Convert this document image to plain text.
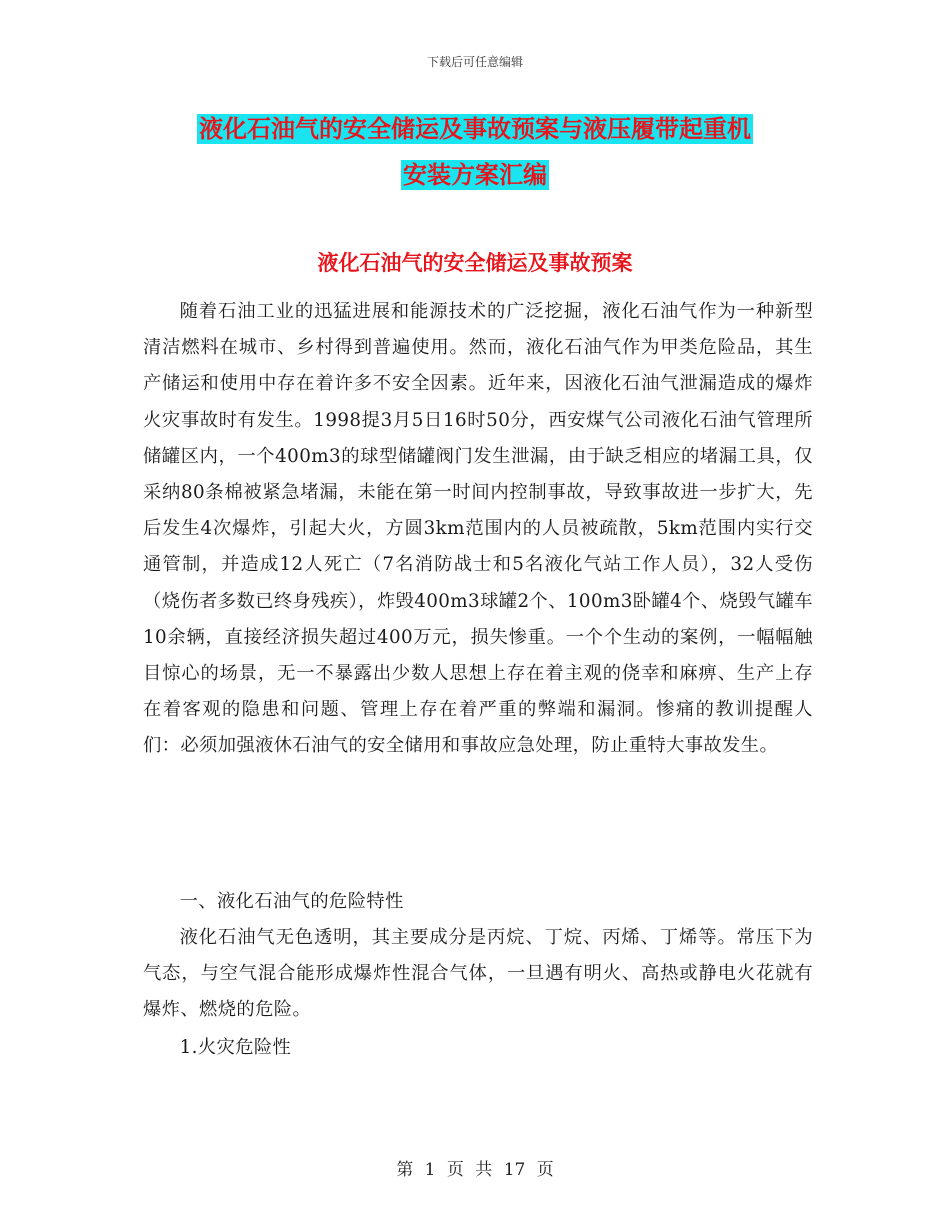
下载后可任意编辑
液化石油气的安全储运及事故预案与液压履带起重机
安装方案汇编
液化石油气的安全储运及事故预案
随着石油工业的迅猛进展和能源技术的广泛挖掘，液化石油气作为一种新型清洁燃料在城市、乡村得到普遍使用。然而，液化石油气作为甲类危险品，其生产储运和使用中存在着许多不安全因素。近年来，因液化石油气泄漏造成的爆炸火灾事故时有发生。1998提3月5日16时50分，西安煤气公司液化石油气管理所储罐区内，一个400m3的球型储罐阀门发生泄漏，由于缺乏相应的堵漏工具，仅采纳80条棉被紧急堵漏，未能在第一时间内控制事故，导致事故进一步扩大，先后发生4次爆炸，引起大火，方圆3km范围内的人员被疏散，5km范围内实行交通管制，并造成12人死亡（7名消防战士和5名液化气站工作人员），32人受伤（烧伤者多数已终身残疾），炸毁400m3球罐2个、100m3卧罐4个、烧毁气罐车10余辆，直接经济损失超过400万元，损失惨重。一个个生动的案例，一幅幅触目惊心的场景，无一不暴露出少数人思想上存在着主观的侥幸和麻痹、生产上存在着客观的隐患和问题、管理上存在着严重的弊端和漏洞。惨痛的教训提醒人们：必须加强液休石油气的安全储用和事故应急处理，防止重特大事故发生。
一、液化石油气的危险特性
液化石油气无色透明，其主要成分是丙烷、丁烷、丙烯、丁烯等。常压下为气态，与空气混合能形成爆炸性混合气体，一旦遇有明火、高热或静电火花就有爆炸、燃烧的危险。
1.火灾危险性
第 1 页 共 17 页
